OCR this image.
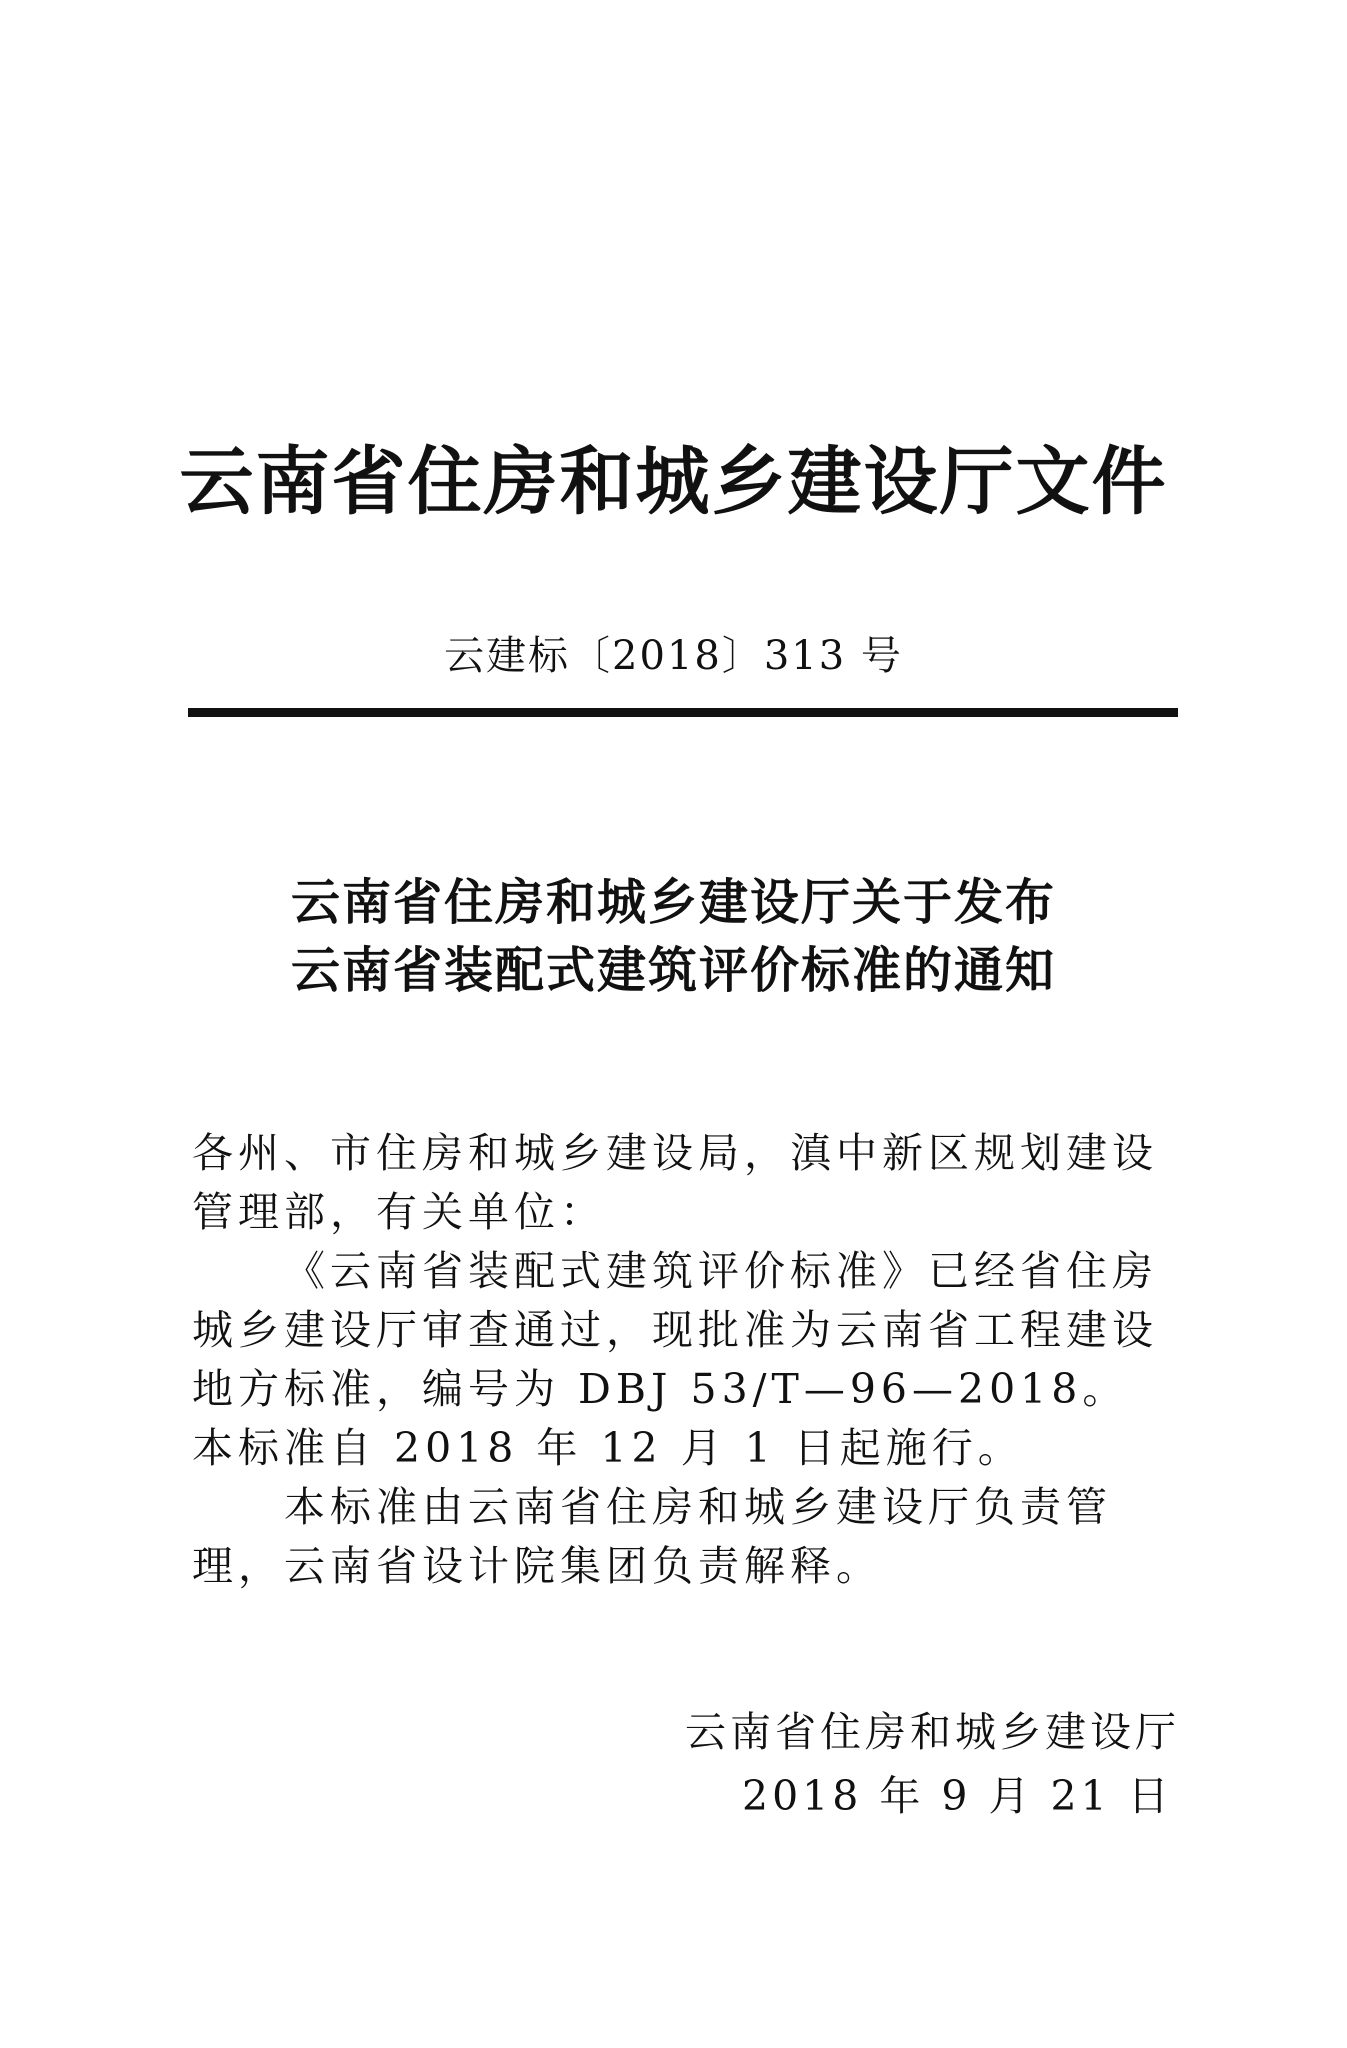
云南省住房和城乡建设厅文件
云建标〔2018〕313 号
云南省住房和城乡建设厅关于发布
云南省装配式建筑评价标准的通知

各州、市住房和城乡建设局，滇中新区规划建设管理部，有关单位：

《云南省装配式建筑评价标准》已经省住房城乡建设厅审查通过，现批准为云南省工程建设地方标准，编号为 DBJ 53/T—96—2018。本标准自 2018 年 12 月 1 日起施行。

本标准由云南省住房和城乡建设厅负责管理，云南省设计院集团负责解释。

云南省住房和城乡建设厅
2018 年 9 月 21 日
